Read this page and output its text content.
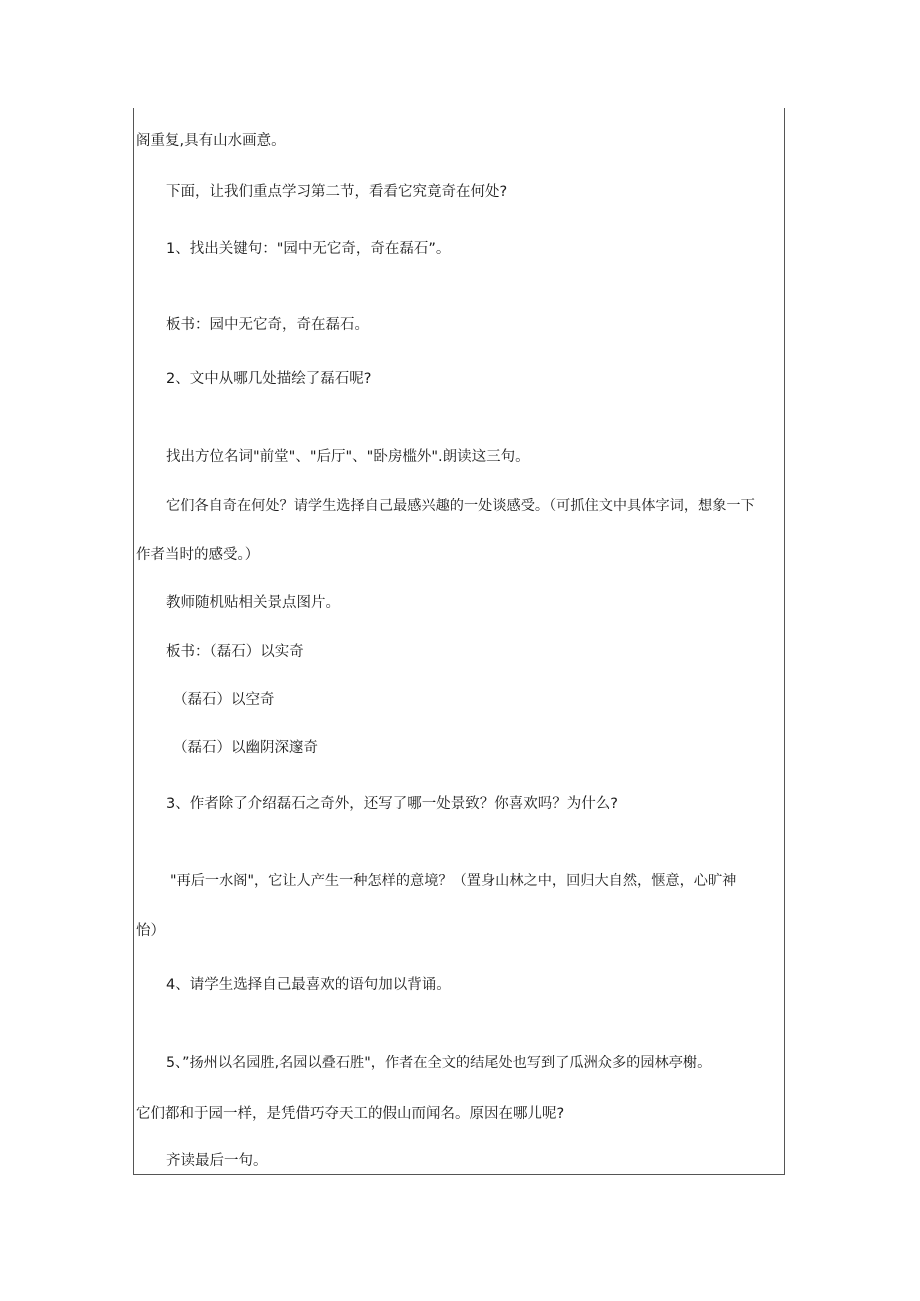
阁重复,具有山水画意。
下面，让我们重点学习第二节，看看它究竟奇在何处?
1、找出关键句："园中无它奇，奇在磊石”。
板书：园中无它奇，奇在磊石。
2、文中从哪几处描绘了磊石呢?
找出方位名词"前堂"、"后厅"、"卧房槛外".朗读这三句。
它们各自奇在何处？请学生选择自己最感兴趣的一处谈感受。（可抓住文中具体字词，想象一下
作者当时的感受。）
教师随机贴相关景点图片。
板书：（磊石）以实奇
（磊石）以空奇
（磊石）以幽阴深邃奇
3、作者除了介绍磊石之奇外，还写了哪一处景致？你喜欢吗？为什么?
"再后一水阁"，它让人产生一种怎样的意境？（置身山林之中，回归大自然，惬意，心旷神
怡）
4、请学生选择自己最喜欢的语句加以背诵。
5、”扬州以名园胜,名园以叠石胜"，作者在全文的结尾处也写到了瓜洲众多的园林亭榭。
它们都和于园一样，是凭借巧夺天工的假山而闻名。原因在哪儿呢?
齐读最后一句。
